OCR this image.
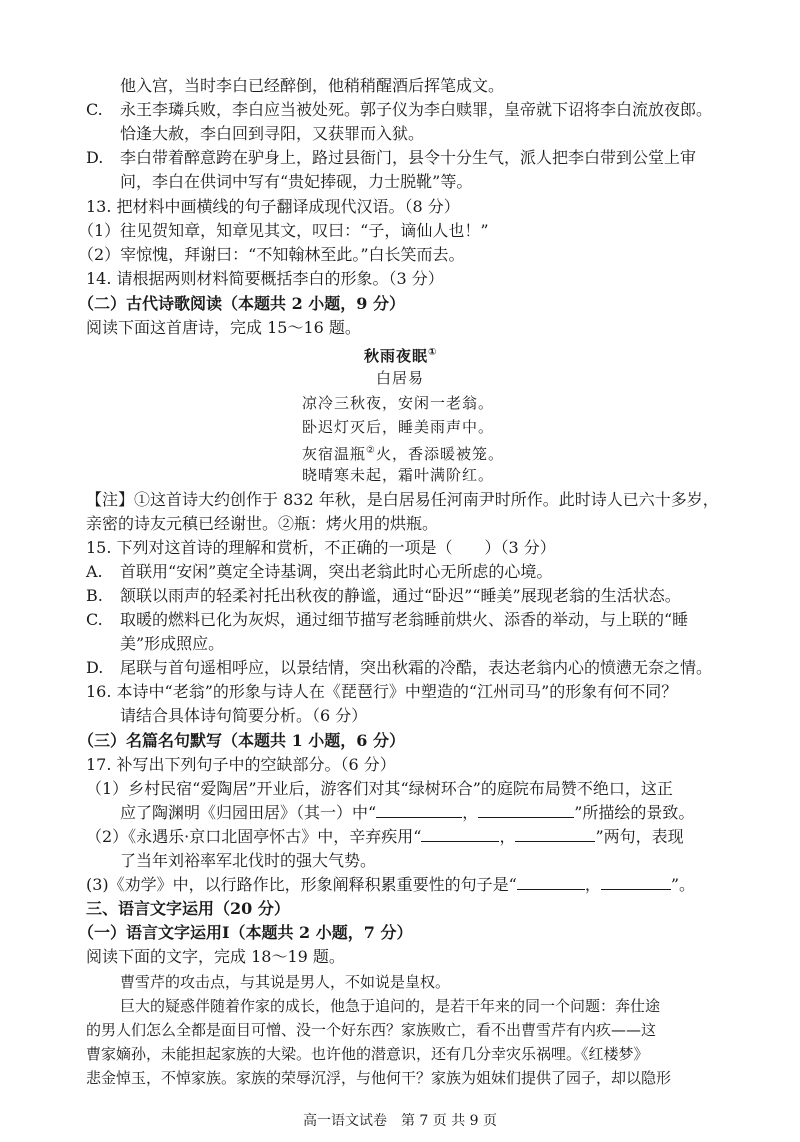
他入宫，当时李白已经醉倒，他稍稍醒酒后挥笔成文。
C. 永王李璘兵败，李白应当被处死。郭子仪为李白赎罪，皇帝就下诏将李白流放夜郎。
恰逢大赦，李白回到寻阳，又获罪而入狱。
D. 李白带着醉意跨在驴身上，路过县衙门，县令十分生气，派人把李白带到公堂上审
问，李白在供词中写有“贵妃捧砚，力士脱靴”等。
13. 把材料中画横线的句子翻译成现代汉语。（8 分）
（1）往见贺知章，知章见其文，叹曰：“子，谪仙人也！”
（2）宰惊愧，拜谢曰：“不知翰林至此。”白长笑而去。
14. 请根据两则材料简要概括李白的形象。（3 分）
（二）古代诗歌阅读（本题共 2 小题，9 分）
阅读下面这首唐诗，完成 15～16 题。
秋雨夜眠①
白居易
凉冷三秋夜，安闲一老翁。
卧迟灯灭后，睡美雨声中。
灰宿温瓶②火，香添暖被笼。
晓晴寒未起，霜叶满阶红。
【注】①这首诗大约创作于 832 年秋，是白居易任河南尹时所作。此时诗人已六十多岁，
亲密的诗友元稹已经谢世。②瓶：烤火用的烘瓶。
15. 下列对这首诗的理解和赏析，不正确的一项是（　　）（3 分）
A. 首联用“安闲”奠定全诗基调，突出老翁此时心无所虑的心境。
B. 颔联以雨声的轻柔衬托出秋夜的静谧，通过“卧迟”“睡美”展现老翁的生活状态。
C. 取暖的燃料已化为灰烬，通过细节描写老翁睡前烘火、添香的举动，与上联的“睡
美”形成照应。
D. 尾联与首句遥相呼应，以景结情，突出秋霜的冷酷，表达老翁内心的愤懑无奈之情。
16. 本诗中“老翁”的形象与诗人在《琵琶行》中塑造的“江州司马”的形象有何不同？
请结合具体诗句简要分析。（6 分）
（三）名篇名句默写（本题共 1 小题，6 分）
17. 补写出下列句子中的空缺部分。（6 分）
（1）乡村民宿“爱陶居”开业后，游客们对其“绿树环合”的庭院布局赞不绝口，这正
应了陶渊明《归园田居》（其一）中“	，	”所描绘的景致。
（2）《永遇乐·京口北固亭怀古》中，辛弃疾用“	，	”两句，表现
了当年刘裕率军北伐时的强大气势。
(3)《劝学》中，以行路作比，形象阐释积累重要性的句子是“	，	”。
三、语言文字运用（20 分）
（一）语言文字运用Ⅰ（本题共 2 小题，7 分）
阅读下面的文字，完成 18～19 题。
曹雪芹的攻击点，与其说是男人，不如说是皇权。
巨大的疑惑伴随着作家的成长，他急于追问的，是若干年来的同一个问题：奔仕途
的男人们怎么全都是面目可憎、没一个好东西？家族败亡，看不出曹雪芹有内疚——这
曹家嫡孙，未能担起家族的大梁。也许他的潜意识，还有几分幸灾乐祸哩。《红楼梦》
悲金悼玉，不悼家族。家族的荣辱沉浮，与他何干？家族为姐妹们提供了园子，却以隐形
高一语文试卷　第 7 页 共 9 页
